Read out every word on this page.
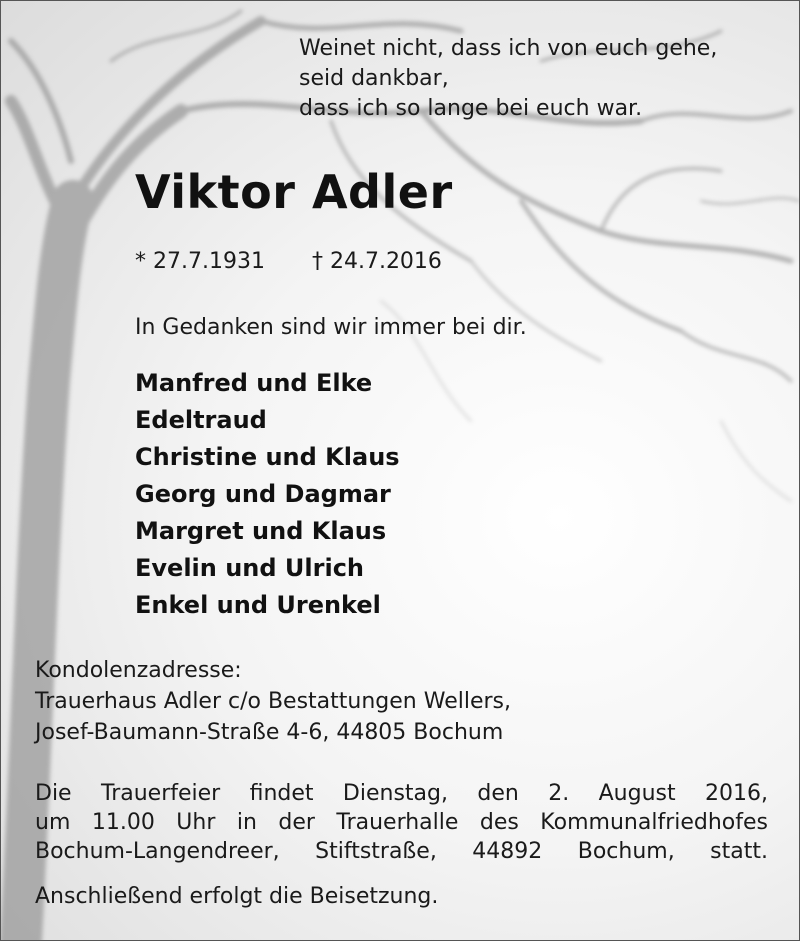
Weinet nicht, dass ich von euch gehe,
seid dankbar,
dass ich so lange bei euch war.
Viktor Adler
* 27.7.1931 † 24.7.2016
In Gedanken sind wir immer bei dir.
Manfred und Elke
Edeltraud
Christine und Klaus
Georg und Dagmar
Margret und Klaus
Evelin und Ulrich
Enkel und Urenkel
Kondolenzadresse:
Trauerhaus Adler c/o Bestattungen Wellers,
Josef-Baumann-Straße 4-6, 44805 Bochum
Die Trauerfeier findet Dienstag, den 2. August 2016,
um 11.00 Uhr in der Trauerhalle des Kommunalfriedhofes
Bochum-Langendreer, Stiftstraße, 44892 Bochum, statt.
Anschließend erfolgt die Beisetzung.
